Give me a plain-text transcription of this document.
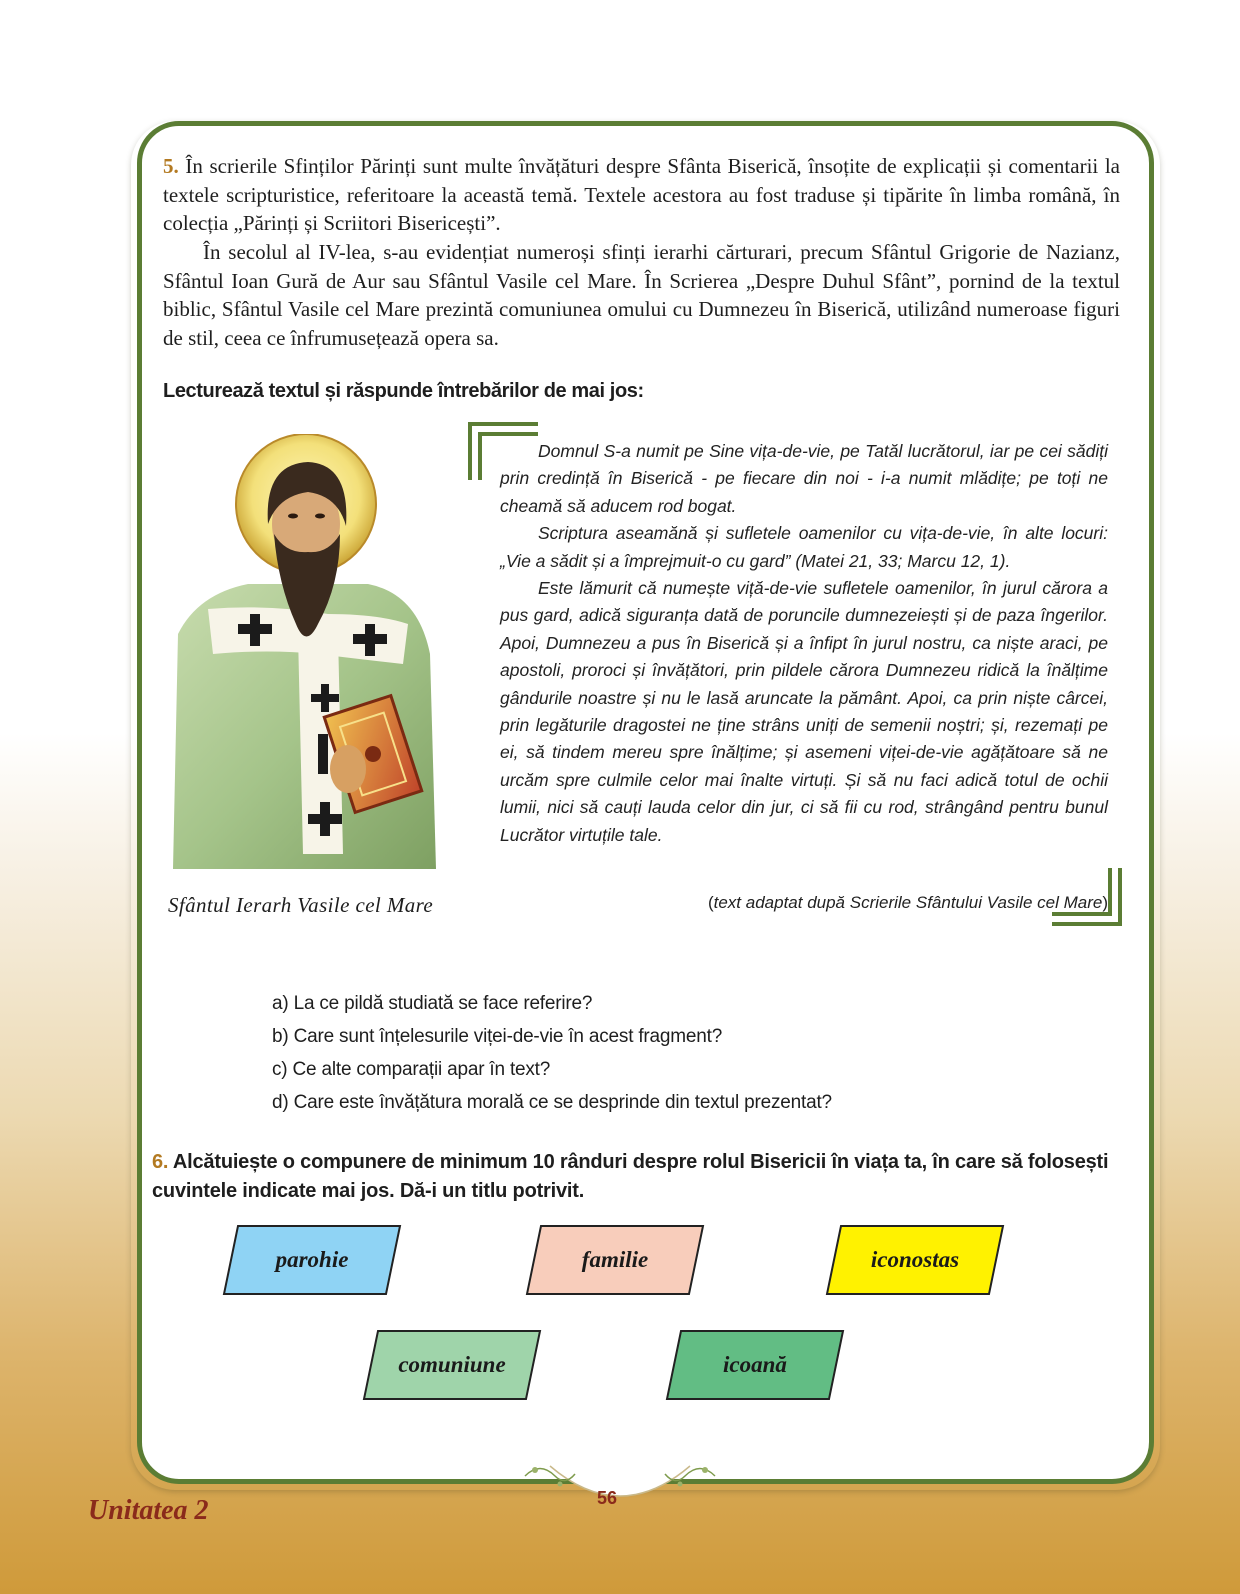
5. În scrierile Sfinților Părinți sunt multe învățături despre Sfânta Biserică, însoțite de explicații și comentarii la textele scripturistice, referitoare la această temă. Textele acestora au fost traduse și tipărite în limba română, în colecția „Părinți și Scriitori Bisericești”.

În secolul al IV-lea, s-au evidențiat numeroși sfinți ierarhi cărturari, precum Sfântul Grigorie de Nazianz, Sfântul Ioan Gură de Aur sau Sfântul Vasile cel Mare. În Scrierea „Despre Duhul Sfânt”, pornind de la textul biblic, Sfântul Vasile cel Mare prezintă comuniunea omului cu Dumnezeu în Biserică, utilizând numeroase figuri de stil, ceea ce înfrumusețează opera sa.

Lecturează textul și răspunde întrebărilor de mai jos:
Sfântul Ierarh Vasile cel Mare

Domnul S-a numit pe Sine vița-de-vie, pe Tatăl lucrătorul, iar pe cei sădiți prin credință în Biserică - pe fiecare din noi - i-a numit mlădițe; pe toți ne cheamă să aducem rod bogat.

Scriptura aseamănă și sufletele oamenilor cu vița-de-vie, în alte locuri: „Vie a sădit și a împrejmuit-o cu gard” (Matei 21, 33; Marcu 12, 1).

Este lămurit că numește viță-de-vie sufletele oamenilor, în jurul cărora a pus gard, adică siguranța dată de poruncile dumnezeiești și de paza îngerilor. Apoi, Dumnezeu a pus în Biserică și a înfipt în jurul nostru, ca niște araci, pe apostoli, proroci și învățători, prin pildele cărora Dumnezeu ridică la înălțime gândurile noastre și nu le lasă aruncate la pământ. Apoi, ca prin niște cârcei, prin legăturile dragostei ne ține strâns uniți de semenii noștri; și, rezemați pe ei, să tindem mereu spre înălțime; și asemeni viței-de-vie agățătoare să ne urcăm spre culmile celor mai înalte virtuți. Și să nu faci adică totul de ochii lumii, nici să cauți lauda celor din jur, ci să fii cu rod, strângând pentru bunul Lucrător virtuțile tale.

(text adaptat după Scrierile Sfântului Vasile cel Mare)
a) La ce pildă studiată se face referire?
b) Care sunt înțelesurile viței-de-vie în acest fragment?
c) Ce alte comparații apar în text?
d) Care este învățătura morală ce se desprinde din textul prezentat?

6. Alcătuiește o compunere de minimum 10 rânduri despre rolul Bisericii în viața ta, în care să folosești cuvintele indicate mai jos. Dă-i un titlu potrivit.

parohie	familie	iconostas
comuniune	icoană
56
Unitatea 2
